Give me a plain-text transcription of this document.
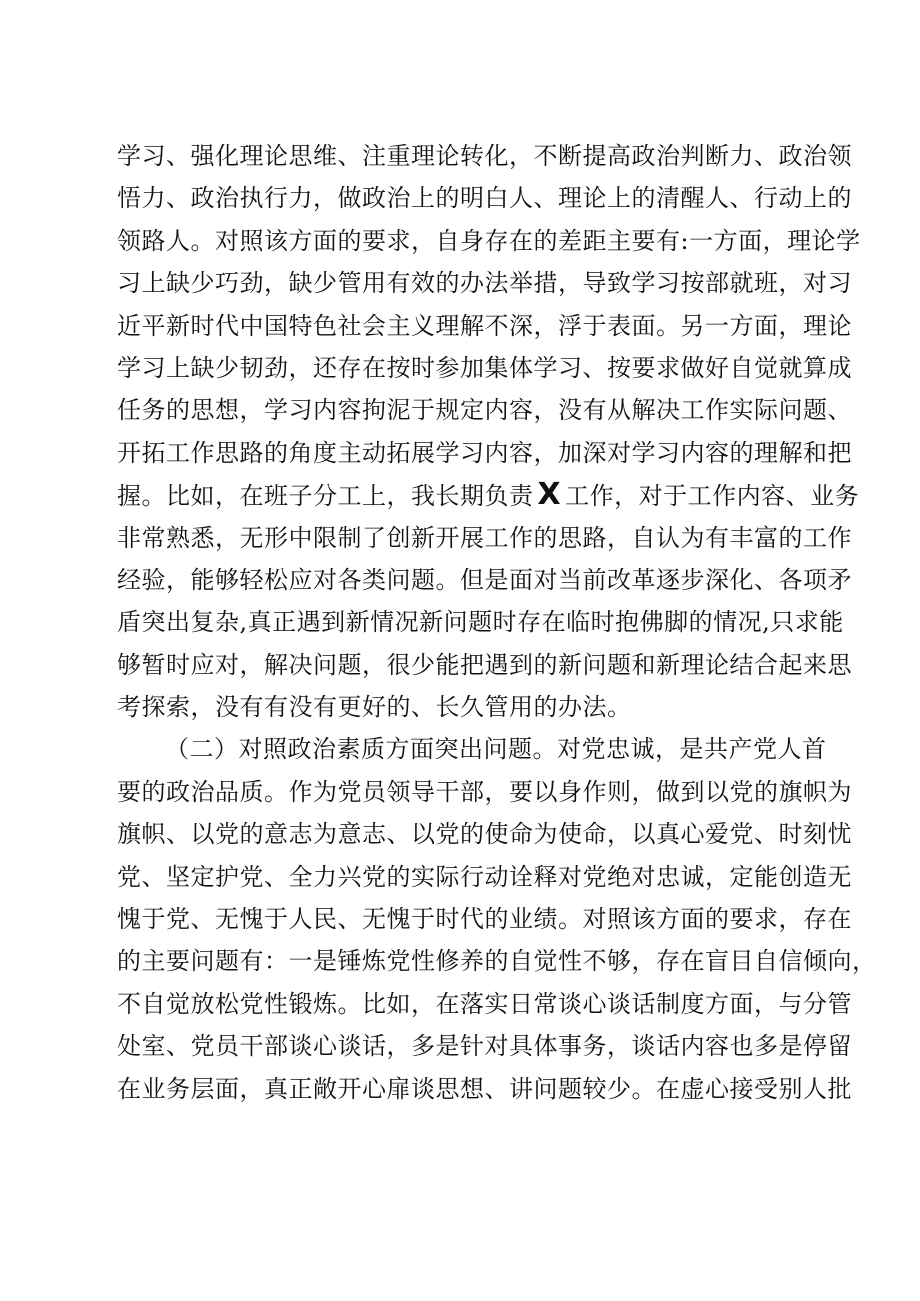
学习、强化理论思维、注重理论转化，不断提高政治判断力、政治领
悟力、政治执行力，做政治上的明白人、理论上的清醒人、行动上的
领路人。对照该方面的要求，自身存在的差距主要有:一方面，理论学
习上缺少巧劲，缺少管用有效的办法举措，导致学习按部就班，对习
近平新时代中国特色社会主义理解不深，浮于表面。另一方面，理论
学习上缺少韧劲，还存在按时参加集体学习、按要求做好自觉就算成
任务的思想，学习内容拘泥于规定内容，没有从解决工作实际问题、
开拓工作思路的角度主动拓展学习内容，加深对学习内容的理解和把
握。比如，在班子分工上，我长期负责 X 工作，对于工作内容、业务
非常熟悉，无形中限制了创新开展工作的思路，自认为有丰富的工作
经验，能够轻松应对各类问题。但是面对当前改革逐步深化、各项矛
盾突出复杂,真正遇到新情况新问题时存在临时抱佛脚的情况,只求能
够暂时应对，解决问题，很少能把遇到的新问题和新理论结合起来思
考探索，没有有没有更好的、长久管用的办法。
（二）对照政治素质方面突出问题。对党忠诚，是共产党人首
要的政治品质。作为党员领导干部，要以身作则，做到以党的旗帜为
旗帜、以党的意志为意志、以党的使命为使命，以真心爱党、时刻忧
党、坚定护党、全力兴党的实际行动诠释对党绝对忠诚，定能创造无
愧于党、无愧于人民、无愧于时代的业绩。对照该方面的要求，存在
的主要问题有：一是锤炼党性修养的自觉性不够，存在盲目自信倾向，
不自觉放松党性锻炼。比如，在落实日常谈心谈话制度方面，与分管
处室、党员干部谈心谈话，多是针对具体事务，谈话内容也多是停留
在业务层面，真正敞开心扉谈思想、讲问题较少。在虚心接受别人批
